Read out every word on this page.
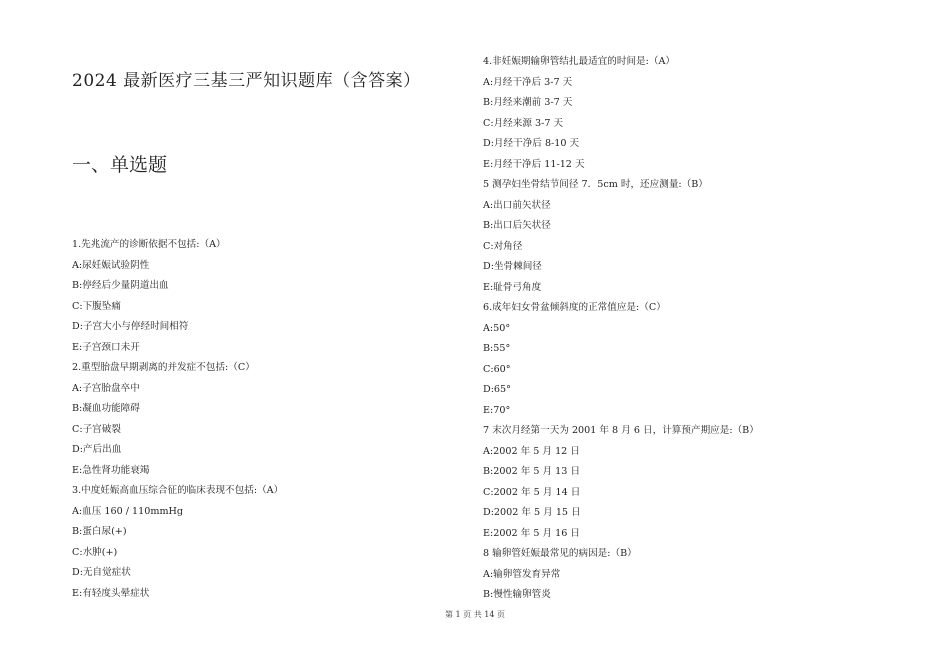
2024 最新医疗三基三严知识题库（含答案）
一、单选题
1.先兆流产的诊断依据不包括:（A）
A:尿妊娠试验阴性
B:停经后少量阴道出血
C:下腹坠痛
D:子宫大小与停经时间相符
E:子宫颈口未开
2.重型胎盘早期剥离的并发症不包括:（C）
A:子宫胎盘卒中
B:凝血功能障碍
C:子宫破裂
D:产后出血
E:急性肾功能衰竭
3.中度妊娠高血压综合征的临床表现不包括:（A）
A:血压 160 / 110mmHg
B:蛋白尿(+)
C:水肿(+)
D:无自觉症状
E:有轻度头晕症状
4.非妊娠期输卵管结扎最适宜的时间是:（A）
A:月经干净后 3-7 天
B:月经来潮前 3-7 天
C:月经来源 3-7 天
D:月经干净后 8-10 天
E:月经干净后 11-12 天
5 测孕妇坐骨结节间径 7．5cm 时，还应测量:（B）
A:出口前矢状径
B:出口后矢状径
C:对角径
D:坐骨棘间径
E:耻骨弓角度
6.成年妇女骨盆倾斜度的正常值应是:（C）
A:50°
B:55°
C:60°
D:65°
E:70°
7 末次月经第一天为 2001 年 8 月 6 日，计算预产期应是:（B）
A:2002 年 5 月 12 日
B:2002 年 5 月 13 日
C:2002 年 5 月 14 日
D:2002 年 5 月 15 日
E:2002 年 5 月 16 日
8 输卵管妊娠最常见的病因是:（B）
A:输卵管发育异常
B:慢性输卵管炎
第 1 页 共 14 页
